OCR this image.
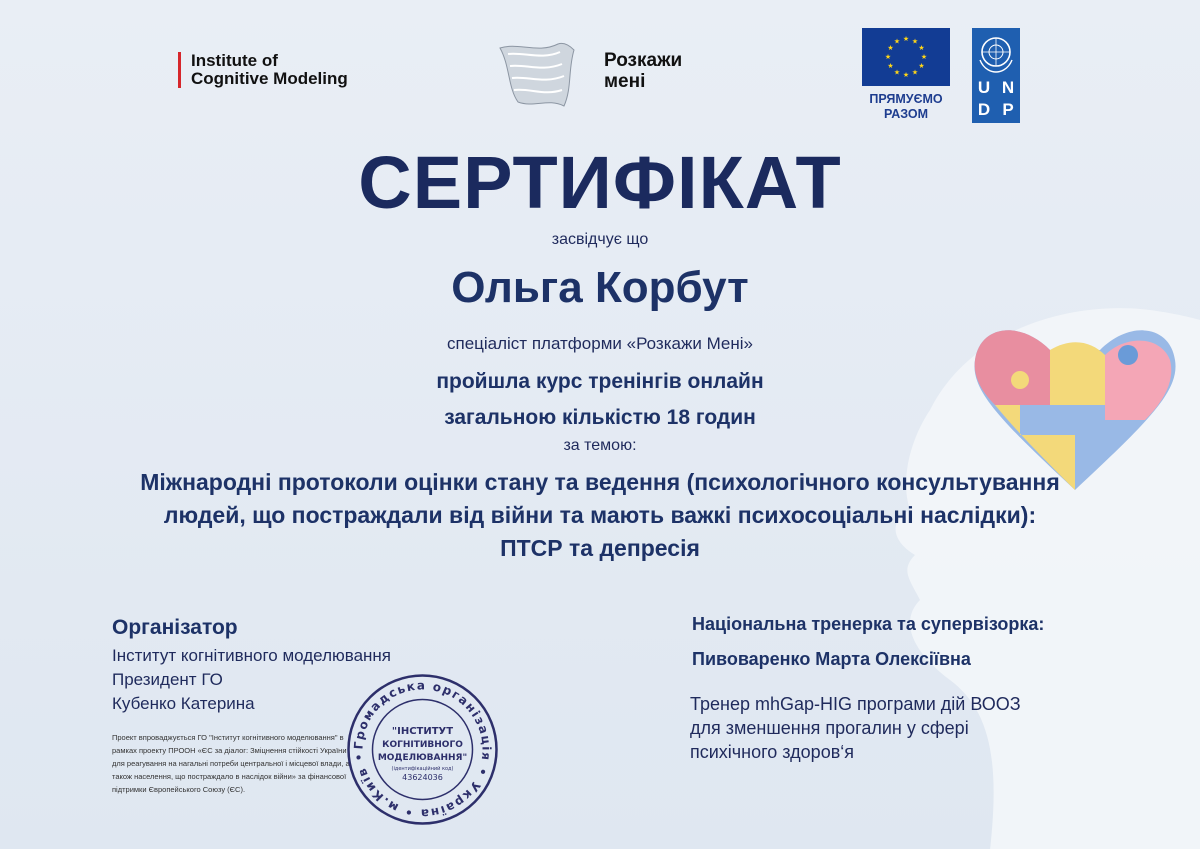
Institute of
Cognitive Modeling
Розкажи
мені
★ ★
★
★
★
★
★
★
★
★
★
★
ПРЯМУЄМО
РАЗОМ
U N
D P
СЕРТИФІКАТ
засвідчує що
Ольга Корбут
спеціаліст платформи «Розкажи Мені»
пройшла курс тренінгів онлайн
загальною кількістю 18 годин
за темою:
Міжнародні протоколи оцінки стану та ведення (психологічного консультування
людей, що постраждали від війни та мають важкі психосоціальні наслідки):
ПТСР та депресія
Організатор
Інститут когнітивного моделювання
Президент ГО
Кубенко Катерина
Проект впроваджується ГО "Інститут когнітивного моделювання" в рамках проекту ПРООН «ЄС за діалог: Зміцнення стійкості України для реагування на нагальні потреби центральної і місцевої влади, а також населення, що постраждало в наслідок війни» за фінансової підтримки Європейського Союзу (ЄС).
Громадська організація • Україна • м.Київ •
"ІНСТИТУТ
КОГНІТИВНОГО
МОДЕЛЮВАННЯ"
(ідентифікаційний код)
43624036
Національна тренерка та супервізорка:
Пивоваренко Марта Олексіївна
Тренер mhGap-HIG програми дій ВООЗ для зменшення прогалин у сфері психічного здоров‘я
